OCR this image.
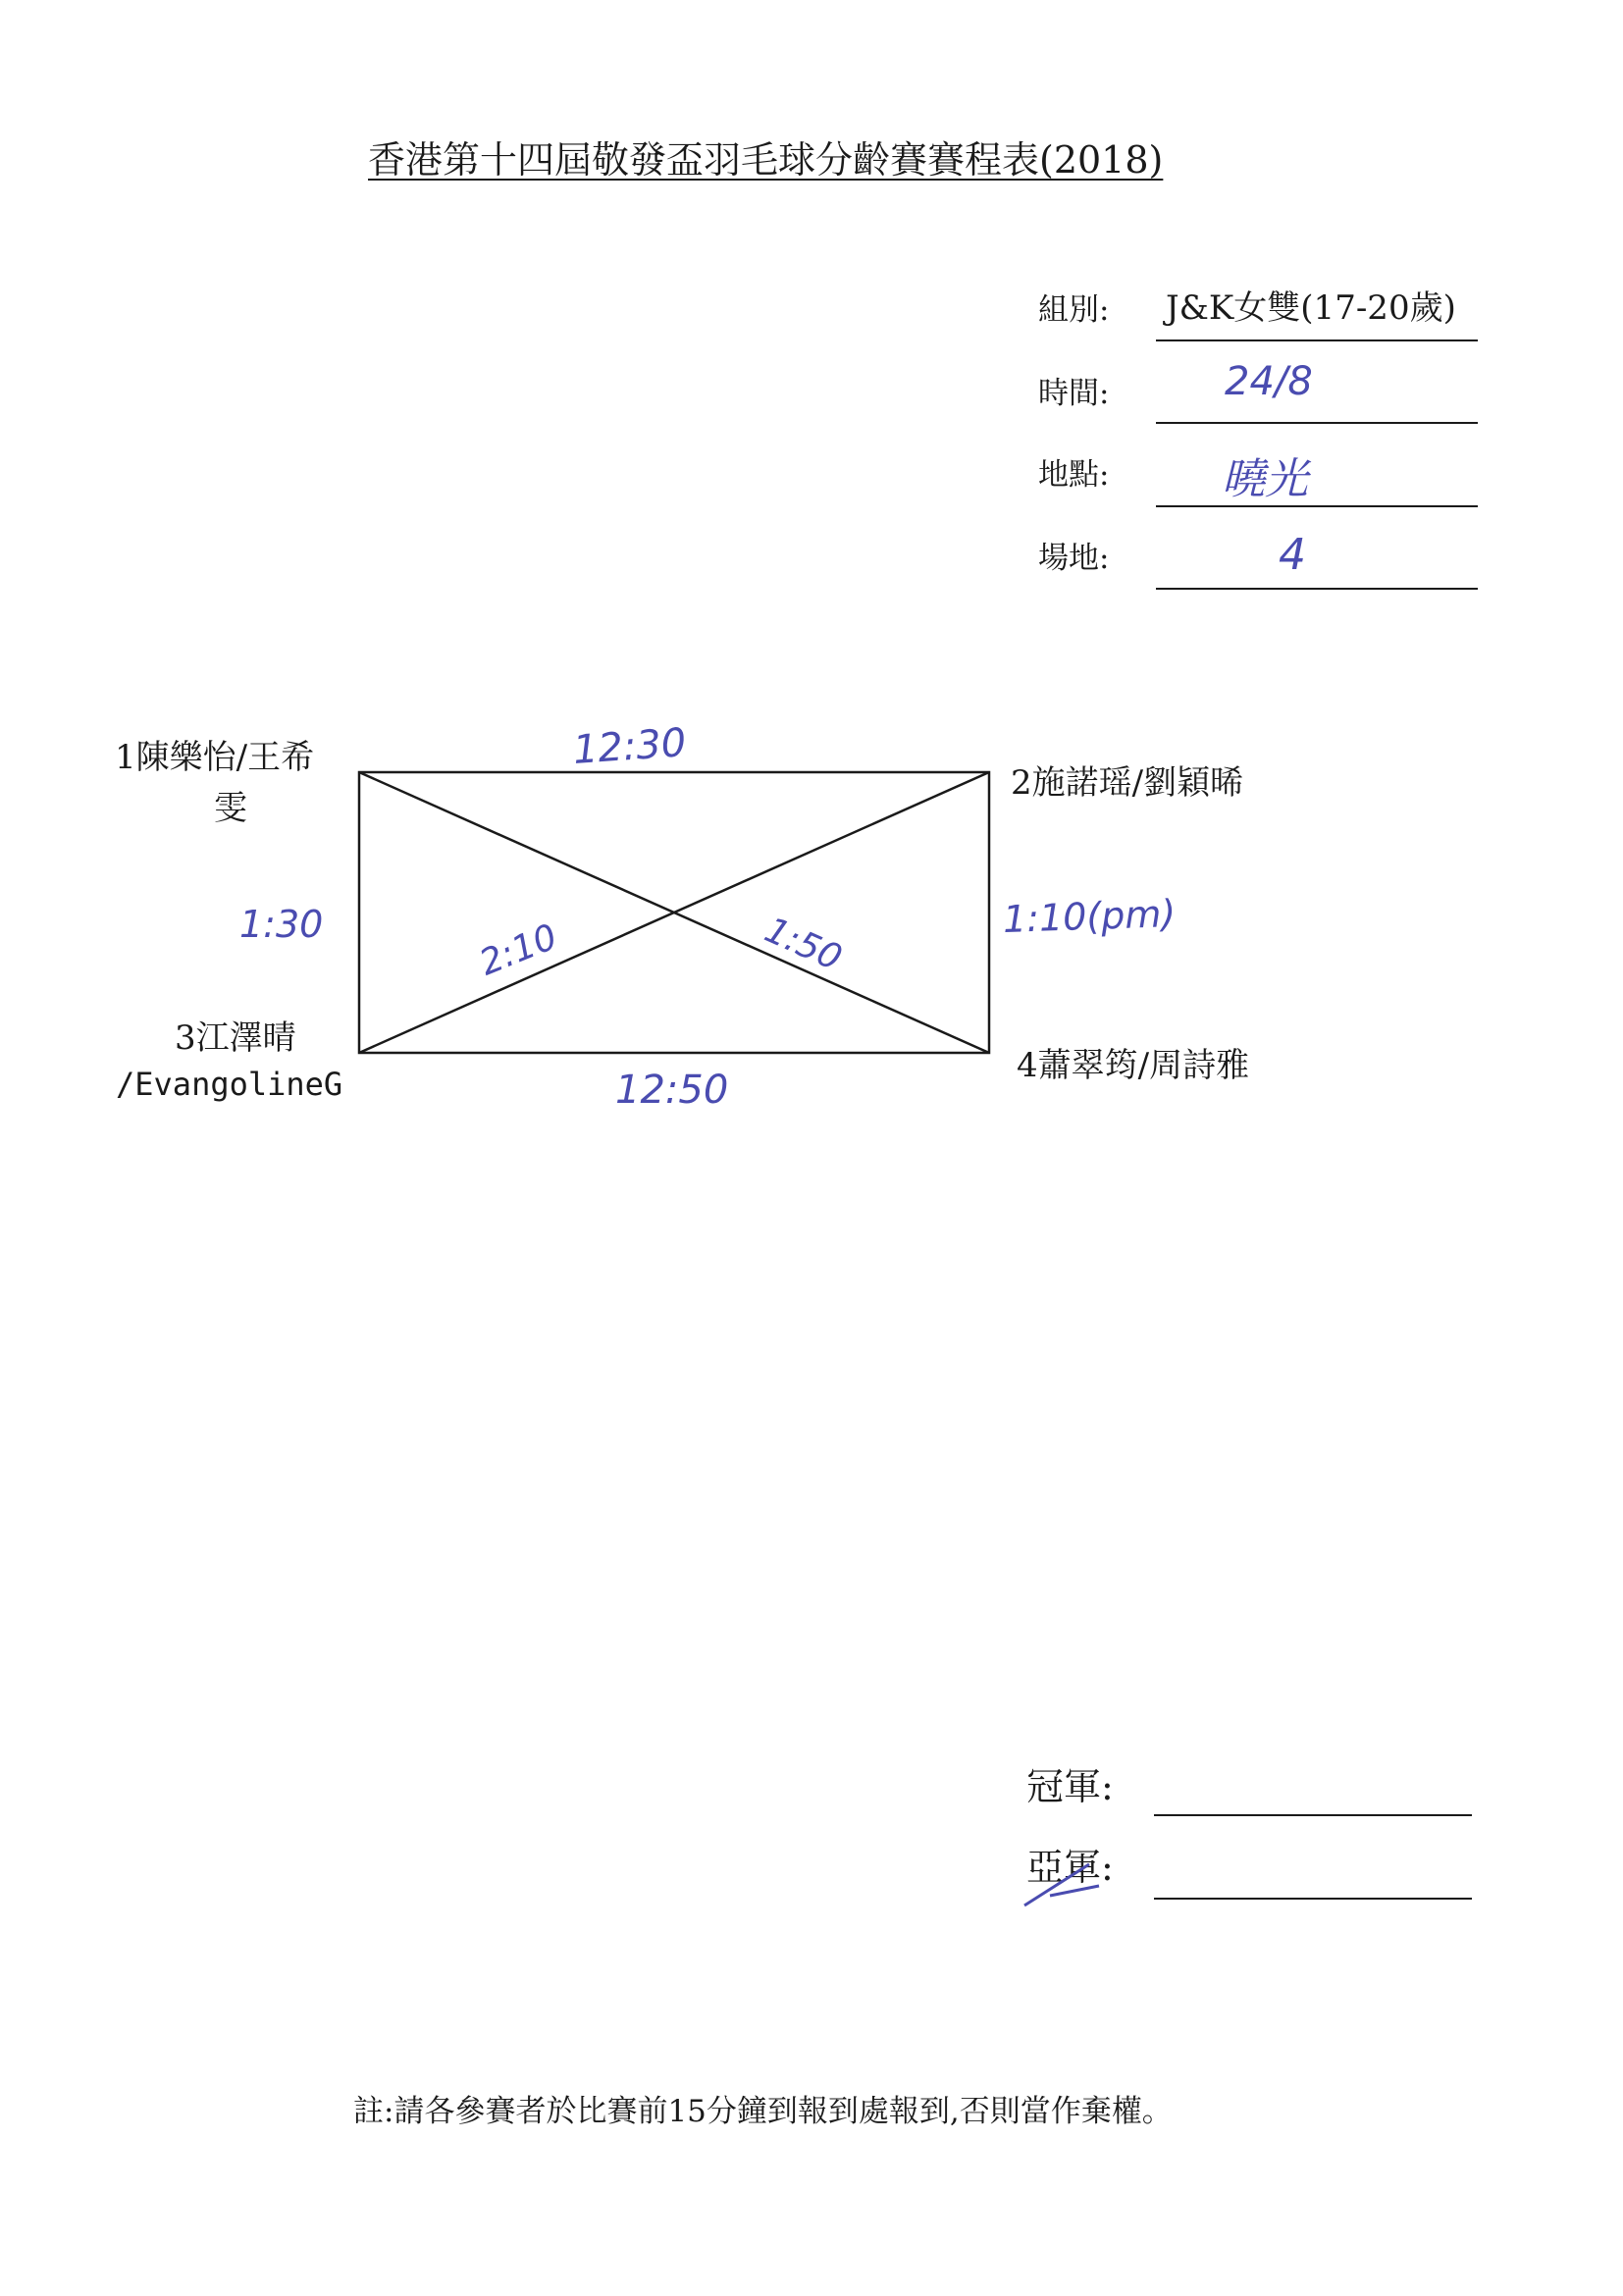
香港第十四屆敬發盃羽毛球分齡賽賽程表(2018)
組別: J&K女雙(17-20歲)
時間:	24/8
地點:	曉光
場地:	4
1陳樂怡/王希
雯
2施諾瑶/劉穎晞
3江澤晴
/EvangolineG	4蕭翠筠/周詩雅
12:30
12:50
1:30	1:10(pm)
2:10	1:50
冠軍:
亞軍:
註:請各參賽者於比賽前15分鐘到報到處報到,否則當作棄權。
